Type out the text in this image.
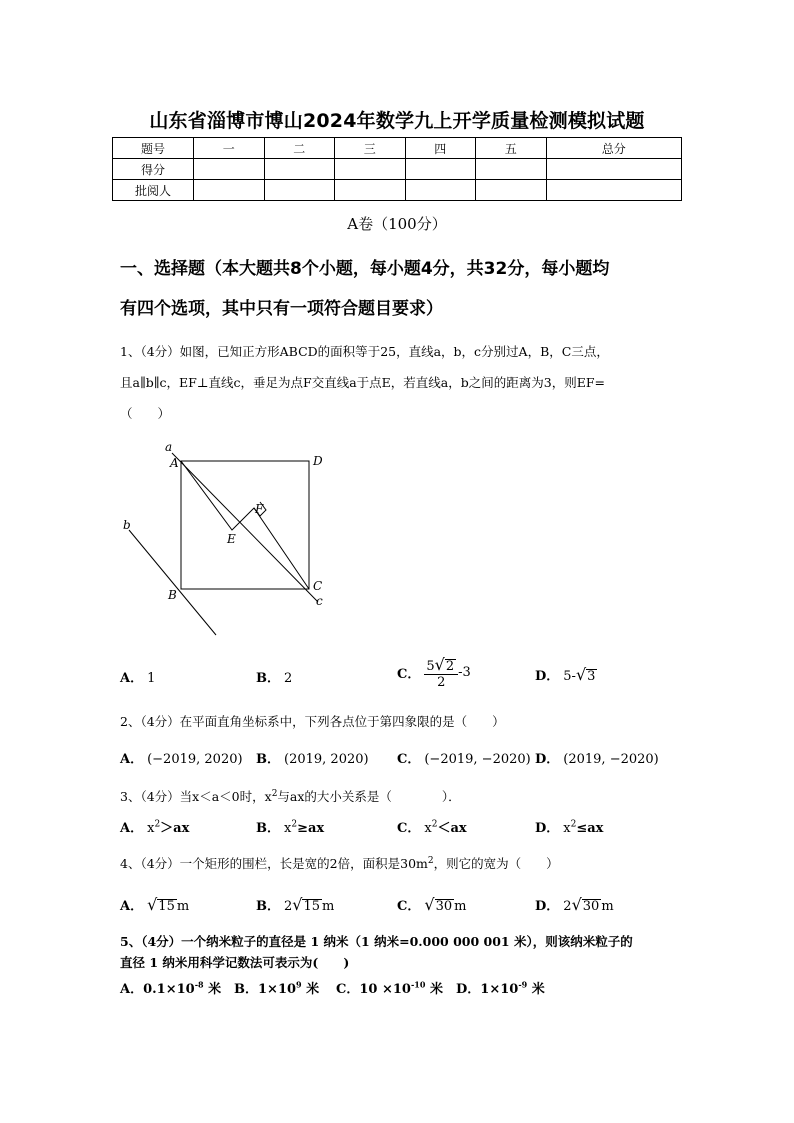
山东省淄博市博山2024年数学九上开学质量检测模拟试题
题号	一	二	三	四	五	总分
得分						
批阅人						
A卷（100分）
一、选择题（本大题共8个小题，每小题4分，共32分，每小题均
有四个选项，其中只有一项符合题目要求）
1、（4分）如图，已知正方形ABCD的面积等于25，直线a，b，c分别过A，B，C三点，
且a∥b∥c，EF⊥直线c，垂足为点F交直线a于点E，若直线a，b之间的距离为3，则EF=
（　　）
a
A	D
F
E
b
C
B	c
A． 1	B． 2	C． $\frac{5√2}{2} -3$	D． 5-√3
2、（4分）在平面直角坐标系中，下列各点位于第四象限的是（　　）
A． (−2019, 2020) B． (2019, 2020) C． (−2019, −2020) D． (2019, −2020)
3、（4分）当x＜a＜0时，$x^2$与ax的大小关系是（　　　　）．
A． $x^2>ax$	B． $x^2\ge ax$	C． $x^2<ax$	D． $x^2\le ax$
4、（4分）一个矩形的围栏，长是宽的2倍，面积是$30m^2$，则它的宽为（　　）
A． √15 m	B． 2√15 m	C． √30 m	D． 2√30 m
5、（4分）一个纳米粒子的直径是 1 纳米（1 纳米=0.000 000 001 米），则该纳米粒子的
直径 1 纳米用科学记数法可表示为(　　)
A．$0.1\times 10^{-8}$ 米 B．$1\times 10^9$ 米 C．$10 \times 10^{-10}$ 米 D．$1\times 10^{-9}$ 米
